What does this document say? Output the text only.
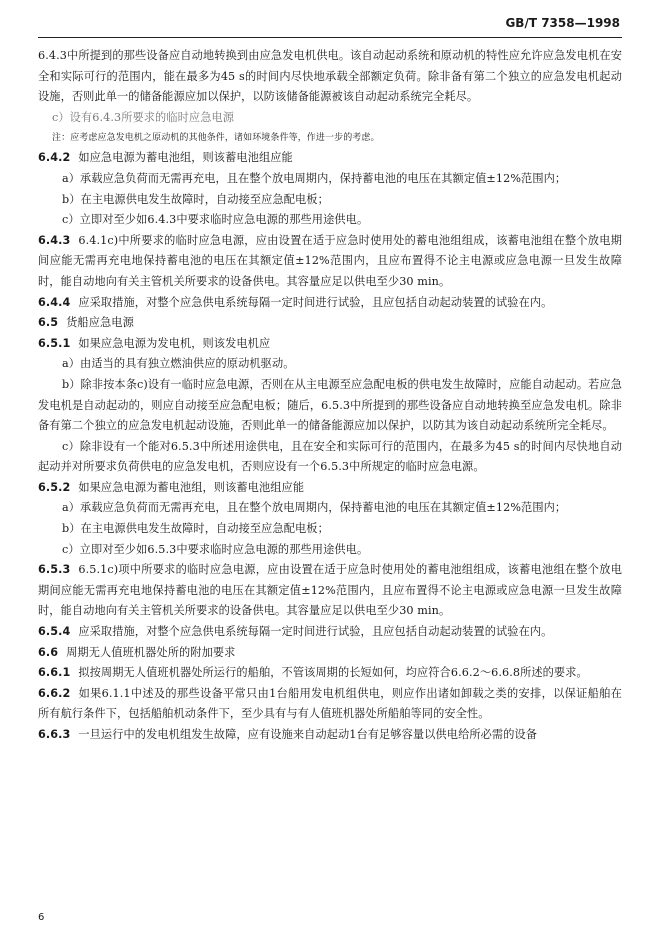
GB/T 7358—1998

6.4.3中所提到的那些设备应自动地转换到由应急发电机供电。该自动起动系统和原动机的特性应允许应急发电机在安全和实际可行的范围内，能在最多为45 s的时间内尽快地承载全部额定负荷。除非备有第二个独立的应急发电机起动设施，否则此单一的储备能源应加以保护，以防该储备能源被该自动起动系统完全耗尽。

c）设有6.4.3所要求的临时应急电源

注：应考虑应急发电机之原动机的其他条件，诸如环境条件等，作进一步的考虑。

6.4.2 如应急电源为蓄电池组，则该蓄电池组应能

a）承载应急负荷而无需再充电，且在整个放电周期内，保持蓄电池的电压在其额定值±12%范围内；

b）在主电源供电发生故障时，自动接至应急配电板；

c）立即对至少如6.4.3中要求临时应急电源的那些用途供电。

6.4.3 6.4.1c)中所要求的临时应急电源，应由设置在适于应急时使用处的蓄电池组组成，该蓄电池组在整个放电期间应能无需再充电地保持蓄电池的电压在其额定值±12%范围内，且应布置得不论主电源或应急电源一旦发生故障时，能自动地向有关主管机关所要求的设备供电。其容量应足以供电至少30 min。

6.4.4 应采取措施，对整个应急供电系统每隔一定时间进行试验，且应包括自动起动装置的试验在内。

6.5 货船应急电源

6.5.1 如果应急电源为发电机，则该发电机应

a）由适当的具有独立燃油供应的原动机驱动。

b）除非按本条c)设有一临时应急电源，否则在从主电源至应急配电板的供电发生故障时，应能自动起动。若应急发电机是自动起动的，则应自动接至应急配电板；随后，6.5.3中所提到的那些设备应自动地转换至应急发电机。除非备有第二个独立的应急发电机起动设施，否则此单一的储备能源应加以保护，以防其为该自动起动系统所完全耗尽。

c）除非设有一个能对6.5.3中所述用途供电，且在安全和实际可行的范围内，在最多为45 s的时间内尽快地自动起动并对所要求负荷供电的应急发电机，否则应设有一个6.5.3中所规定的临时应急电源。

6.5.2 如果应急电源为蓄电池组，则该蓄电池组应能

a）承载应急负荷而无需再充电，且在整个放电周期内，保持蓄电池的电压在其额定值±12%范围内；

b）在主电源供电发生故障时，自动接至应急配电板；

c）立即对至少如6.5.3中要求临时应急电源的那些用途供电。

6.5.3 6.5.1c)项中所要求的临时应急电源，应由设置在适于应急时使用处的蓄电池组组成，该蓄电池组在整个放电期间应能无需再充电地保持蓄电池的电压在其额定值±12%范围内，且应布置得不论主电源或应急电源一旦发生故障时，能自动地向有关主管机关所要求的设备供电。其容量应足以供电至少30 min。

6.5.4 应采取措施，对整个应急供电系统每隔一定时间进行试验，且应包括自动起动装置的试验在内。

6.6 周期无人值班机器处所的附加要求

6.6.1 拟按周期无人值班机器处所运行的船舶，不管该周期的长短如何，均应符合6.6.2～6.6.8所述的要求。

6.6.2 如果6.1.1中述及的那些设备平常只由1台船用发电机组供电，则应作出诸如卸载之类的安排，以保证船舶在所有航行条件下，包括船舶机动条件下，至少具有与有人值班机器处所船舶等同的安全性。

6.6.3 一旦运行中的发电机组发生故障，应有设施来自动起动1台有足够容量以供电给所必需的设备

6
